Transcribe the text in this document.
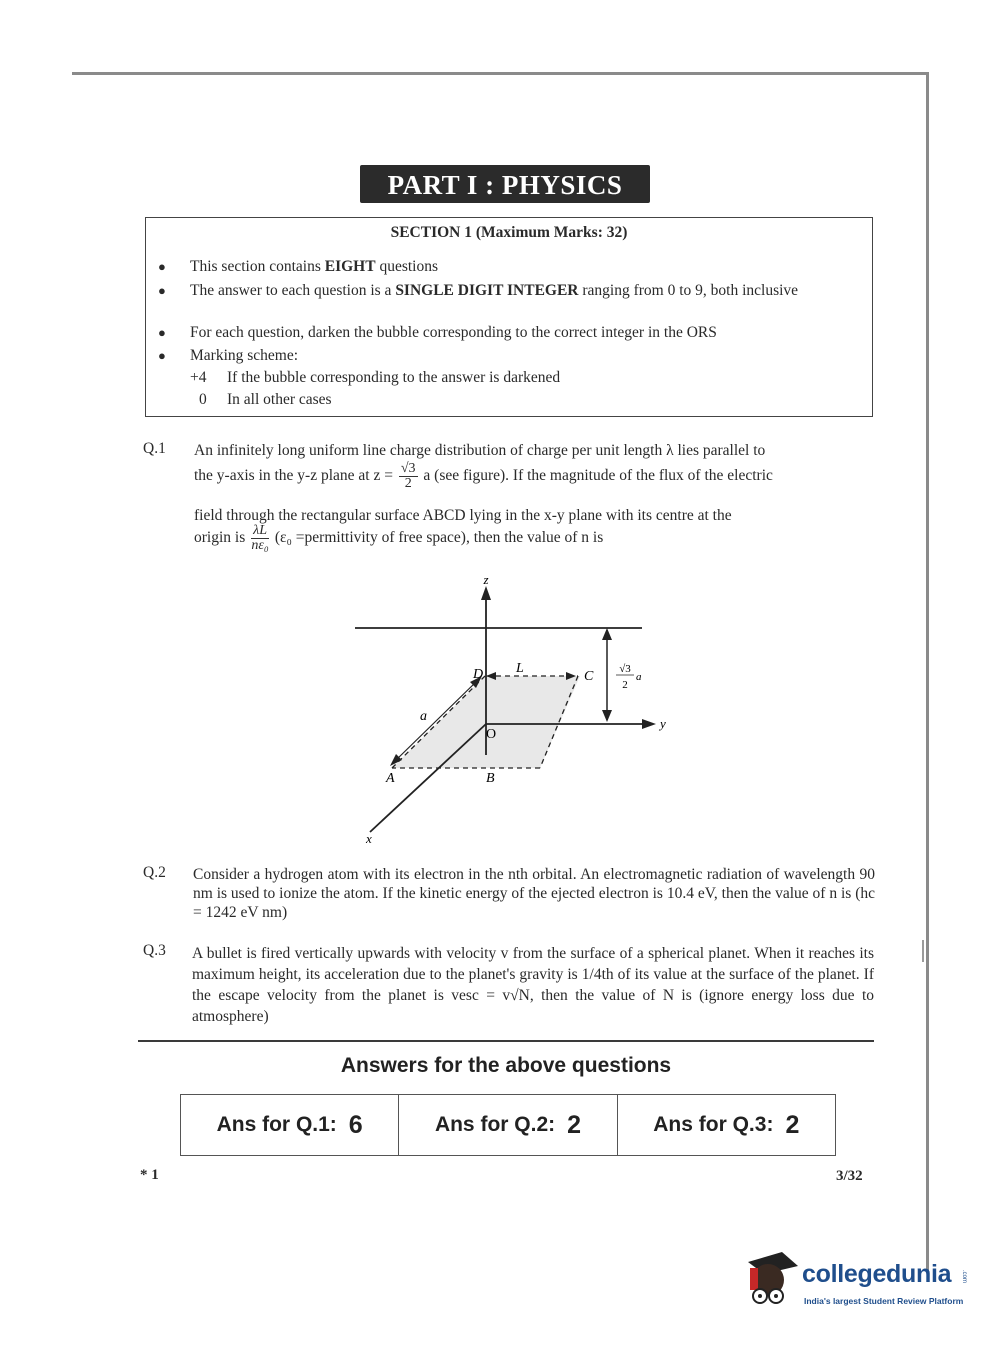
PART I : PHYSICS
SECTION 1 (Maximum Marks: 32)
● This section contains EIGHT questions
● The answer to each question is a SINGLE DIGIT INTEGER ranging from 0 to 9, both inclusive
● For each question, darken the bubble corresponding to the correct integer in the ORS
● Marking scheme:
+4 If the bubble corresponding to the answer is darkened
0 In all other cases
Q.1 An infinitely long uniform line charge distribution of charge per unit length λ lies parallel to
the y-axis in the y-z plane at $z = \frac{√3}{2}$ a (see figure). If the magnitude of the flux of the electric
field through the rectangular surface ABCD lying in the x-y plane with its centre at the
origin is $\frac{\lambda L}{\text{nε₀}} (\varepsilon_0$ =permittivity of free space), then the value of n is
z
y
x
A	B
C
D
O
L
a
√3
2
a
Q.2 Consider a hydrogen atom with its electron in the nth orbital. An electromagnetic radiation of wavelength 90 nm is used to ionize the atom. If the kinetic energy of the ejected electron is 10.4 eV, then the value of n is (hc = 1242 eV nm)
Q.3 A bullet is fired vertically upwards with velocity v from the surface of a spherical planet. When it reaches its maximum height, its acceleration due to the planet's gravity is 1/4th of its value at the surface of the planet. If the escape velocity from the planet is vesc = v√N, then the value of N is (ignore energy loss due to atmosphere)
Answers for the above questions
Ans for Q.1: 6	Ans for Q.2: 2	Ans for Q.3: 2
* 1	3/32
collegedunia .com
India's largest Student Review Platform
